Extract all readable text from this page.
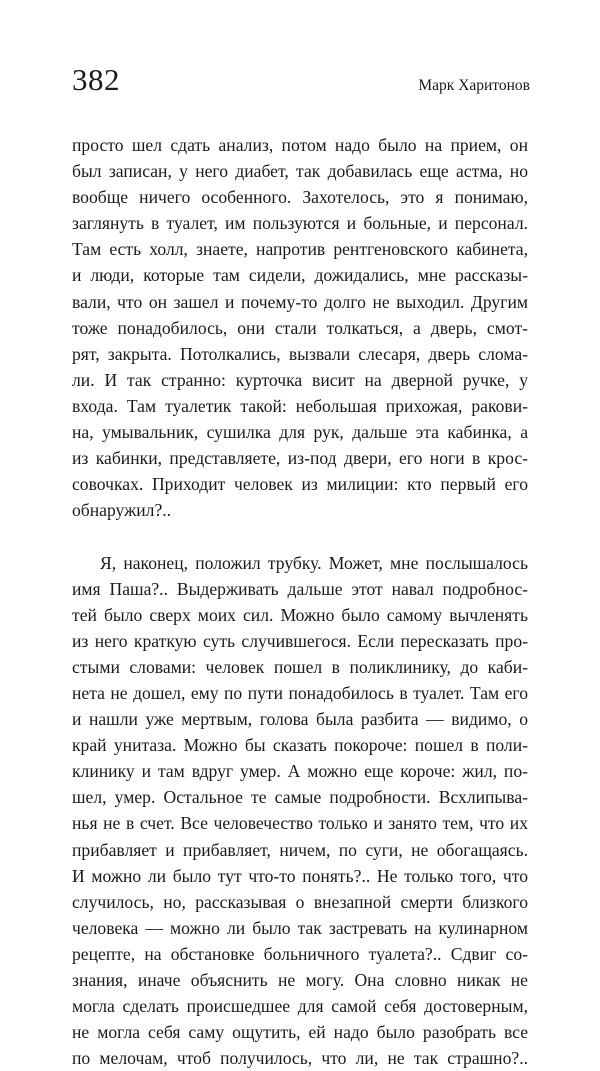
382	Марк Харитонов
просто шел сдать анализ, потом надо было на прием, он
был записан, у него диабет, так добавилась еще астма, но
вообще ничего особенного. Захотелось, это я понимаю,
заглянуть в туалет, им пользуются и больные, и персонал.
Там есть холл, знаете, напротив рентгеновского кабинета,
и люди, которые там сидели, дожидались, мне рассказы-
вали, что он зашел и почему-то долго не выходил. Другим
тоже понадобилось, они стали толкаться, а дверь, смот-
рят, закрыта. Потолкались, вызвали слесаря, дверь слома-
ли. И так странно: курточка висит на дверной ручке, у
входа. Там туалетик такой: небольшая прихожая, ракови-
на, умывальник, сушилка для рук, дальше эта кабинка, а
из кабинки, представляете, из-под двери, его ноги в крос-
совочках. Приходит человек из милиции: кто первый его
обнаружил?..
Я, наконец, положил трубку. Может, мне послышалось
имя Паша?.. Выдерживать дальше этот навал подробнос-
тей было сверх моих сил. Можно было самому вычленять
из него краткую суть случившегося. Если пересказать про-
стыми словами: человек пошел в поликлинику, до каби-
нета не дошел, ему по пути понадобилось в туалет. Там его
и нашли уже мертвым, голова была разбита — видимо, о
край унитаза. Можно бы сказать покороче: пошел в поли-
клинику и там вдруг умер. А можно еще короче: жил, по-
шел, умер. Остальное те самые подробности. Всхлипыва-
нья не в счет. Все человечество только и занято тем, что их
прибавляет и прибавляет, ничем, по суги, не обогащаясь.
И можно ли было тут что-то понять?.. Не только того, что
случилось, но, рассказывая о внезапной смерти близкого
человека — можно ли было так застревать на кулинарном
рецепте, на обстановке больничного туалета?.. Сдвиг со-
знания, иначе объяснить не могу. Она словно никак не
могла сделать происшедшее для самой себя достоверным,
не могла себя саму ощутить, ей надо было разобрать все
по мелочам, чтоб получилось, что ли, не так страшно?..
